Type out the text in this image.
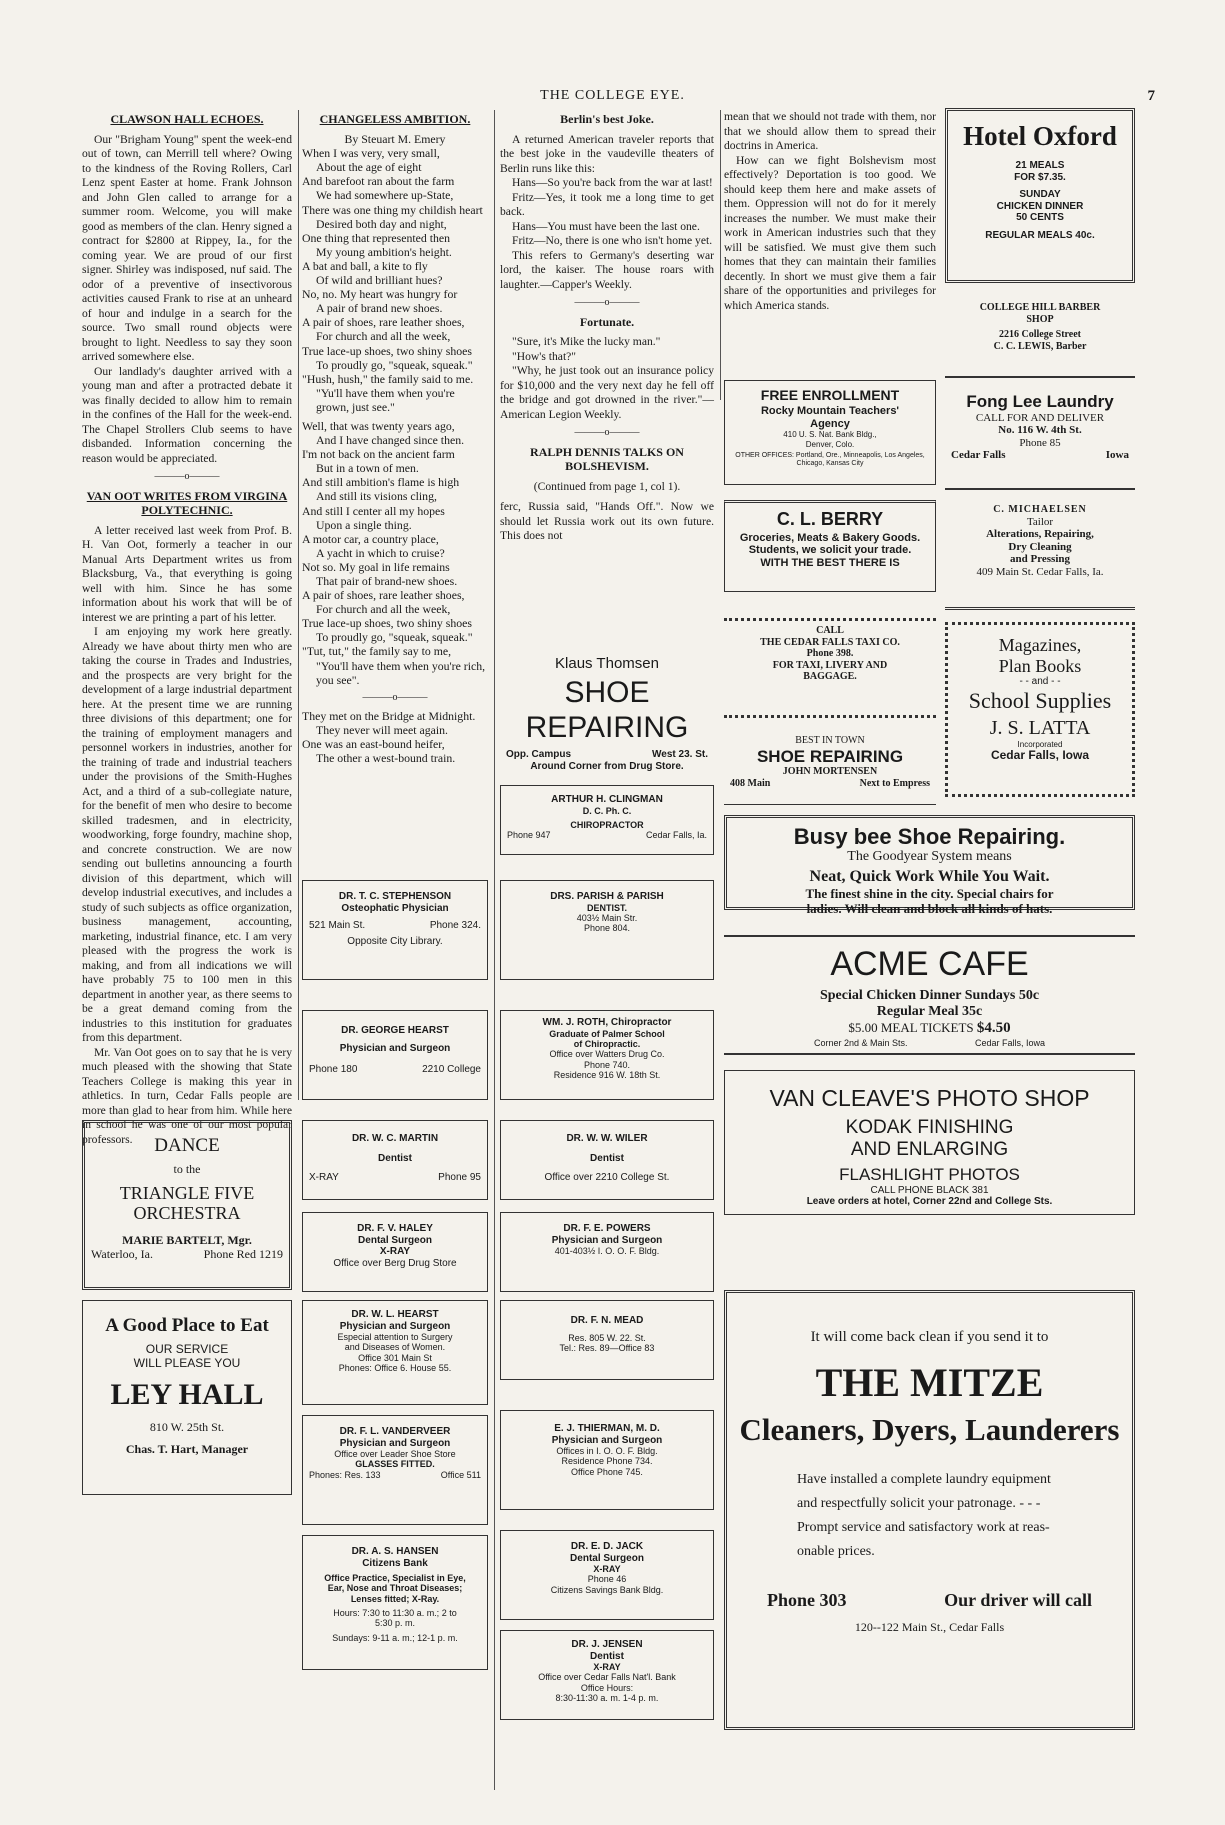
THE COLLEGE EYE.	7
CLAWSON HALL ECHOES.

Our "Brigham Young" spent the week-end out of town, can Merrill tell where? Owing to the kindness of the Roving Rollers, Carl Lenz spent Easter at home. Frank Johnson and John Glen called to arrange for a summer room. Welcome, you will make good as members of the clan. Henry signed a contract for $2800 at Rippey, Ia., for the coming year. We are proud of our first signer. Shirley was indisposed, nuf said. The odor of a preventive of insectivorous activities caused Frank to rise at an unheard of hour and indulge in a search for the source. Two small round objects were brought to light. Needless to say they soon arrived somewhere else.

Our landlady's daughter arrived with a young man and after a protracted debate it was finally decided to allow him to remain in the confines of the Hall for the week-end. The Chapel Strollers Club seems to have disbanded. Information concerning the reason would be appreciated.

———o———
VAN OOT WRITES FROM VIRGINA POLYTECHNIC.

A letter received last week from Prof. B. H. Van Oot, formerly a teacher in our Manual Arts Department writes us from Blacksburg, Va., that everything is going well with him. Since he has some information about his work that will be of interest we are printing a part of his letter.

I am enjoying my work here greatly. Already we have about thirty men who are taking the course in Trades and Industries, and the prospects are very bright for the development of a large industrial department here. At the present time we are running three divisions of this department; one for the training of employment managers and personnel workers in industries, another for the training of trade and industrial teachers under the provisions of the Smith-Hughes Act, and a third of a sub-collegiate nature, for the benefit of men who desire to become skilled tradesmen, and in electricity, woodworking, forge foundry, machine shop, and concrete construction. We are now sending out bulletins announcing a fourth division of this department, which will develop industrial executives, and includes a study of such subjects as office organization, business management, accounting, marketing, industrial finance, etc. I am very pleased with the progress the work is making, and from all indications we will have probably 75 to 100 men in this department in another year, as there seems to be a great demand coming from the industries to this institution for graduates from this department.

Mr. Van Oot goes on to say that he is very much pleased with the showing that State Teachers College is making this year in athletics. In turn, Cedar Falls people are more than glad to hear from him. While here in school he was one of our most popular professors.

CHANGELESS AMBITION.
By Steuart M. Emery
When I was very, very small,
About the age of eight
And barefoot ran about the farm
We had somewhere up-State,
There was one thing my childish heart
Desired both day and night,
One thing that represented then
My young ambition's height.
A bat and ball, a kite to fly
Of wild and brilliant hues?
No, no. My heart was hungry for
A pair of brand new shoes.
A pair of shoes, rare leather shoes,
For church and all the week,
True lace-up shoes, two shiny shoes
To proudly go, "squeak, squeak."
"Hush, hush," the family said to me.
"Yu'll have them when you're grown, just see."
Well, that was twenty years ago,
And I have changed since then.
I'm not back on the ancient farm
But in a town of men.
And still ambition's flame is high
And still its visions cling,
And still I center all my hopes
Upon a single thing.
A motor car, a country place,
A yacht in which to cruise?
Not so. My goal in life remains
That pair of brand-new shoes.
A pair of shoes, rare leather shoes,
For church and all the week,
True lace-up shoes, two shiny shoes
To proudly go, "squeak, squeak."
"Tut, tut," the family say to me,
"You'll have them when you're rich, you see".
———o———
They met on the Bridge at Midnight.
They never will meet again.
One was an east-bound heifer,
The other a west-bound train.
Berlin's best Joke.

A returned American traveler reports that the best joke in the vaudeville theaters of Berlin runs like this:

Hans—So you're back from the war at last!

Fritz—Yes, it took me a long time to get back.

Hans—You must have been the last one.

Fritz—No, there is one who isn't home yet.

This refers to Germany's deserting war lord, the kaiser. The house roars with laughter.—Capper's Weekly.

———o———
Fortunate.

"Sure, it's Mike the lucky man."

"How's that?"

"Why, he just took out an insurance policy for $10,000 and the very next day he fell off the bridge and got drowned in the river."—American Legion Weekly.

———o———
RALPH DENNIS TALKS ON BOLSHEVISM.
(Continued from page 1, col 1).

ferc, Russia said, "Hands Off.". Now we should let Russia work out its own future. This does not

mean that we should not trade with them, nor that we should allow them to spread their doctrins in America.

How can we fight Bolshevism most effectively? Deportation is too good. We should keep them here and make assets of them. Oppression will not do for it merely increases the number. We must make their work in American industries such that they will be satisfied. We must give them such homes that they can maintain their families decently. In short we must give them a fair share of the opportunities and privileges for which America stands.

DANCE
to the
TRIANGLE FIVE
ORCHESTRA
MARIE BARTELT, Mgr.
Waterloo, Ia.	Phone Red 1219
A Good Place to Eat
OUR SERVICE
WILL PLEASE YOU
LEY HALL
810 W. 25th St.
Chas. T. Hart, Manager
DR. T. C. STEPHENSON
Osteophatic Physician
521 Main St.	Phone 324.
Opposite City Library.
DR. GEORGE HEARST
Physician and Surgeon
Phone 180	2210 College
DR. W. C. MARTIN
Dentist
X-RAY	Phone 95
DR. F. V. HALEY
Dental Surgeon
X-RAY
Office over Berg Drug Store
DR. W. L. HEARST
Physician and Surgeon
Especial attention to Surgery
and Diseases of Women.
Office 301 Main St
Phones: Office 6. House 55.
DR. F. L. VANDERVEER
Physician and Surgeon
Office over Leader Shoe Store
GLASSES FITTED.
Phones: Res. 133	Office 511
DR. A. S. HANSEN
Citizens Bank
Office Practice, Specialist in Eye,
Ear, Nose and Throat Diseases;
Lenses fitted; X-Ray.
Hours: 7:30 to 11:30 a. m.; 2 to
5:30 p. m.
Sundays: 9-11 a. m.; 12-1 p. m.
Klaus Thomsen
SHOE
REPAIRING
Opp. Campus	West 23. St.
Around Corner from Drug Store.
ARTHUR H. CLINGMAN
D. C. Ph. C.
CHIROPRACTOR
Phone 947	Cedar Falls, Ia.
DRS. PARISH & PARISH
DENTIST.
403½ Main Str.
Phone 804.
WM. J. ROTH, Chiropractor
Graduate of Palmer School
of Chiropractic.
Office over Watters Drug Co.
Phone 740.
Residence 916 W. 18th St.
DR. W. W. WILER
Dentist
Office over 2210 College St.
DR. F. E. POWERS
Physician and Surgeon
401-403½ I. O. O. F. Bldg.
DR. F. N. MEAD
Res. 805 W. 22. St.
Tel.: Res. 89—Office 83
E. J. THIERMAN, M. D.
Physician and Surgeon
Offices in I. O. O. F. Bldg.
Residence Phone 734.
Office Phone 745.
DR. E. D. JACK
Dental Surgeon
X-RAY
Phone 46
Citizens Savings Bank Bldg.
DR. J. JENSEN
Dentist
X-RAY
Office over Cedar Falls Nat'l. Bank
Office Hours:
8:30-11:30 a. m. 1-4 p. m.
FREE ENROLLMENT
Rocky Mountain Teachers'
Agency
410 U. S. Nat. Bank Bldg.,
Denver, Colo.
OTHER OFFICES: Portland, Ore., Minneapolis, Los Angeles, Chicago, Kansas City
C. L. BERRY
Groceries, Meats & Bakery Goods.
Students, we solicit your trade.
WITH THE BEST THERE IS
CALL
THE CEDAR FALLS TAXI CO.
Phone 398.
FOR TAXI, LIVERY AND
BAGGAGE.
BEST IN TOWN
SHOE REPAIRING
JOHN MORTENSEN
408 Main	Next to Empress
Hotel Oxford
21 MEALS
FOR $7.35.
SUNDAY
CHICKEN DINNER
50 CENTS
REGULAR MEALS 40c.
COLLEGE HILL BARBER
SHOP
2216 College Street
C. C. LEWIS, Barber
Fong Lee Laundry
CALL FOR AND DELIVER
No. 116 W. 4th St.
Phone 85
Cedar Falls	Iowa
C. MICHAELSEN
Tailor
Alterations, Repairing,
Dry Cleaning
and Pressing
409 Main St. Cedar Falls, Ia.
Magazines,
Plan Books
- - and - -
School Supplies
J. S. LATTA
Incorporated
Cedar Falls, Iowa
Busy bee Shoe Repairing.
The Goodyear System means
Neat, Quick Work While You Wait.
The finest shine in the city. Special chairs for
ladies. Will clean and block all kinds of hats.
ACME CAFE
Special Chicken Dinner Sundays 50c
Regular Meal 35c
$5.00 MEAL TICKETS $4.50
Corner 2nd & Main Sts.	Cedar Falls, Iowa
VAN CLEAVE'S PHOTO SHOP
KODAK FINISHING
AND ENLARGING
FLASHLIGHT PHOTOS
CALL PHONE BLACK 381
Leave orders at hotel, Corner 22nd and College Sts.
It will come back clean if you send it to
THE MITZE
Cleaners, Dyers, Launderers
Have installed a complete laundry equipment
and respectfully solicit your patronage. - - -
Prompt service and satisfactory work at reas-
onable prices.
Phone 303	Our driver will call
120--122 Main St., Cedar Falls
